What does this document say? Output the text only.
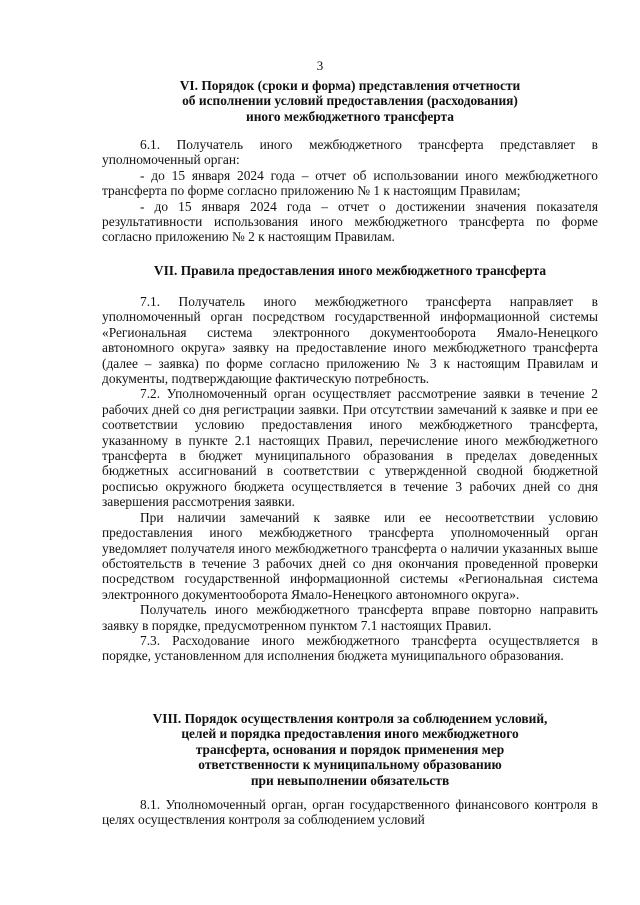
3
VI. Порядок (сроки и форма) представления отчетности
об исполнении условий предоставления (расходования)
иного межбюджетного трансферта

6.1. Получатель иного межбюджетного трансферта представляет в уполномоченный орган:

- до 15 января 2024 года – отчет об использовании иного межбюджетного трансферта по форме согласно приложению № 1 к настоящим Правилам;

- до 15 января 2024 года – отчет о достижении значения показателя результативности использования иного межбюджетного трансферта по форме согласно приложению № 2 к настоящим Правилам.

VII. Правила предоставления иного межбюджетного трансферта

7.1. Получатель иного межбюджетного трансферта направляет в уполномоченный орган посредством государственной информационной системы «Региональная система электронного документооборота Ямало-Ненецкого автономного округа» заявку на предоставление иного межбюджетного трансферта (далее – заявка) по форме согласно приложению № 3 к настоящим Правилам и документы, подтверждающие фактическую потребность.

7.2. Уполномоченный орган осуществляет рассмотрение заявки в течение 2 рабочих дней со дня регистрации заявки. При отсутствии замечаний к заявке и при ее соответствии условию предоставления иного межбюджетного трансферта, указанному в пункте 2.1 настоящих Правил, перечисление иного межбюджетного трансферта в бюджет муниципального образования в пределах доведенных бюджетных ассигнований в соответствии с утвержденной сводной бюджетной росписью окружного бюджета осуществляется в течение 3 рабочих дней со дня завершения рассмотрения заявки.

При наличии замечаний к заявке или ее несоответствии условию предоставления иного межбюджетного трансферта уполномоченный орган уведомляет получателя иного межбюджетного трансферта о наличии указанных выше обстоятельств в течение 3 рабочих дней со дня окончания проведенной проверки посредством государственной информационной системы «Региональная система электронного документооборота Ямало-Ненецкого автономного округа».

Получатель иного межбюджетного трансферта вправе повторно направить заявку в порядке, предусмотренном пунктом 7.1 настоящих Правил.

7.3. Расходование иного межбюджетного трансферта осуществляется в порядке, установленном для исполнения бюджета муниципального образования.

VIII. Порядок осуществления контроля за соблюдением условий,
целей и порядка предоставления иного межбюджетного
трансферта, основания и порядок применения мер
ответственности к муниципальному образованию
при невыполнении обязательств

8.1. Уполномоченный орган, орган государственного финансового контроля в целях осуществления контроля за соблюдением условий
